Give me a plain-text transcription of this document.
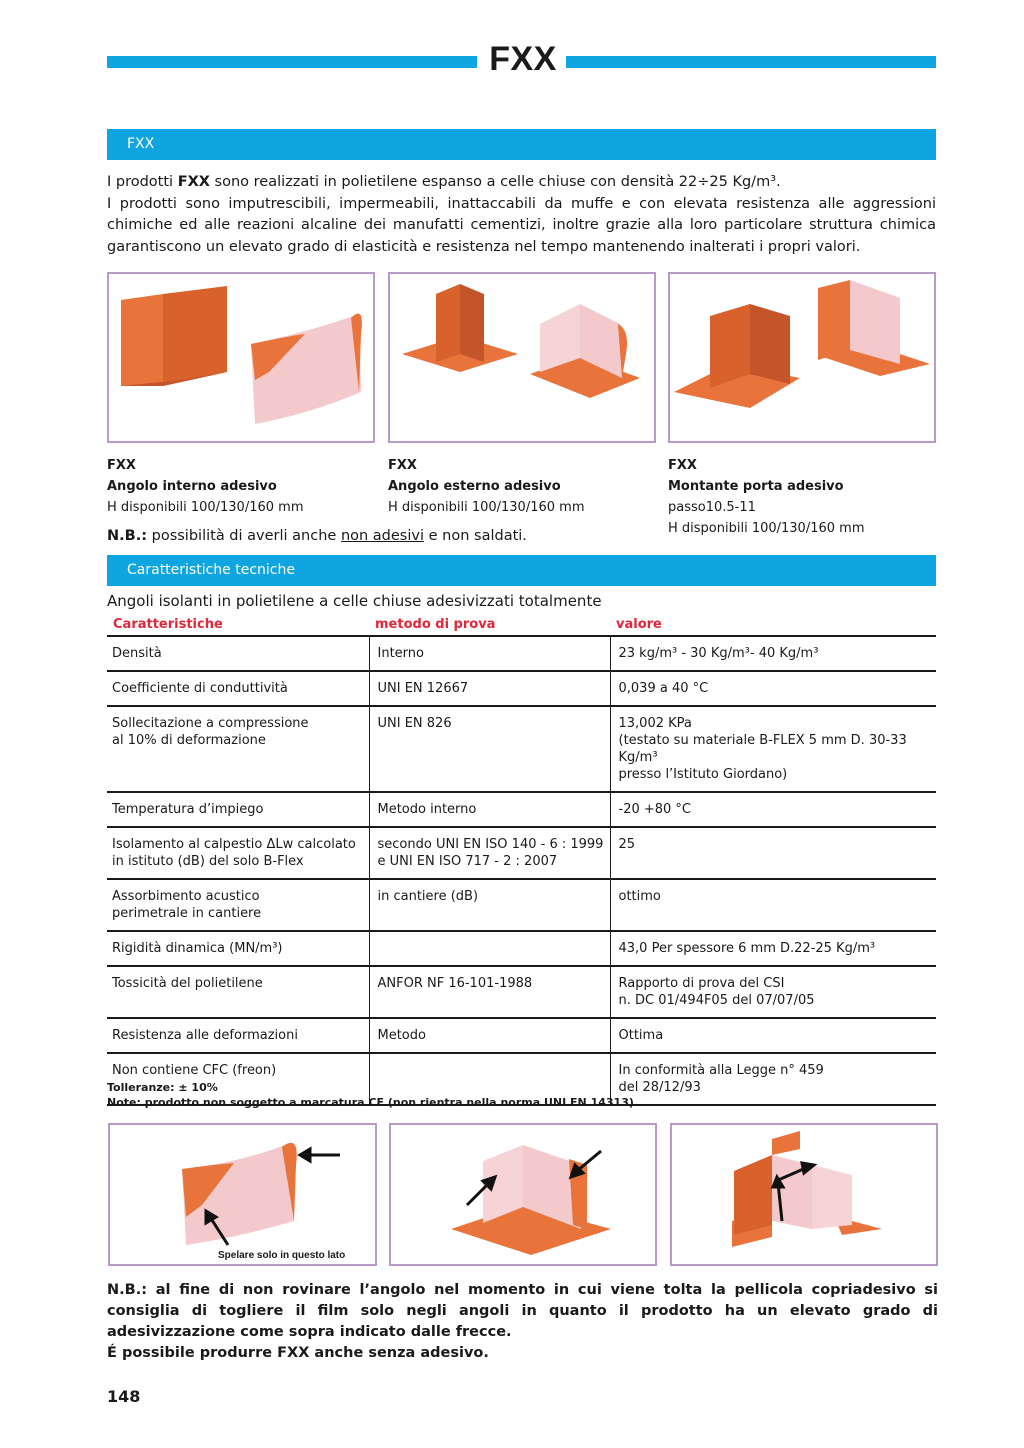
FXX
FXX

I prodotti FXX sono realizzati in polietilene espanso a celle chiuse con densità 22÷25 Kg/m³.

I prodotti sono imputrescibili, impermeabili, inattaccabili da muffe e con elevata resistenza alle aggressioni chimiche ed alle reazioni alcaline dei manufatti cementizi, inoltre grazie alla loro particolare struttura chimica garantiscono un elevato grado di elasticità e resistenza nel tempo mantenendo inalterati i propri valori.

FXX
Angolo interno adesivo
H disponibili 100/130/160 mm
FXX
Angolo esterno adesivo
H disponibili 100/130/160 mm
FXX
Montante porta adesivo
passo10.5-11
H disponibili 100/130/160 mm
N.B.: possibilità di averli anche non adesivi e non saldati.
Caratteristiche tecniche
Angoli isolanti in polietilene a celle chiuse adesivizzati totalmente
Caratteristiche	metodo di prova	valore
Densità	Interno	23 kg/m³ - 30 Kg/m³- 40 Kg/m³
Coefficiente di conduttività	UNI EN 12667	0,039 a 40 °C
Sollecitazione a compressione
al 10% di deformazione	UNI EN 826	13,002 KPa
(testato su materiale B-FLEX 5 mm D. 30-33 Kg/m³
presso l’Istituto Giordano)
Temperatura d’impiego	Metodo interno	-20 +80 °C
Isolamento al calpestio ΔLw calcolato
in istituto (dB) del solo B-Flex	secondo UNI EN ISO 140 - 6 : 1999
e UNI EN ISO 717 - 2 : 2007	25
Assorbimento acustico
perimetrale in cantiere	in cantiere (dB)	ottimo
Rigidità dinamica (MN/m³)		43,0 Per spessore 6 mm D.22-25 Kg/m³
Tossicità del polietilene	ANFOR NF 16-101-1988	Rapporto di prova del CSI
n. DC 01/494F05 del 07/07/05
Resistenza alle deformazioni	Metodo	Ottima
Non contiene CFC (freon)		In conformità alla Legge n° 459
del 28/12/93
Tolleranze: ± 10%
Note: prodotto non soggetto a marcatura CE (non rientra nella norma UNI EN 14313).
Spelare solo in questo lato

N.B.: al fine di non rovinare l’angolo nel momento in cui viene tolta la pellicola copriadesivo si consiglia di togliere il film solo negli angoli in quanto il prodotto ha un elevato grado di adesivizzazione come sopra indicato dalle frecce.

É possibile produrre FXX anche senza adesivo.

148
